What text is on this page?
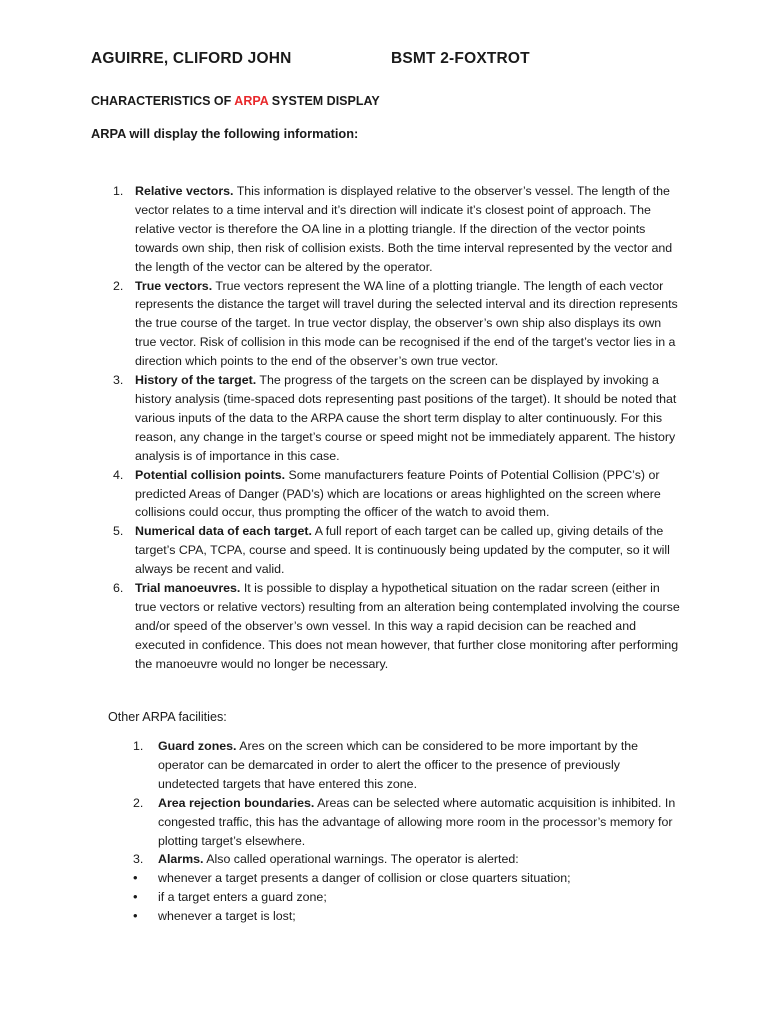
AGUIRRE, CLIFORD JOHN	BSMT 2-FOXTROT
CHARACTERISTICS OF ARPA SYSTEM DISPLAY
ARPA will display the following information:
1. Relative vectors. This information is displayed relative to the observer’s vessel. The length of the vector relates to a time interval and it’s direction will indicate it’s closest point of approach. The relative vector is therefore the OA line in a plotting triangle. If the direction of the vector points towards own ship, then risk of collision exists. Both the time interval represented by the vector and the length of the vector can be altered by the operator.
2. True vectors. True vectors represent the WA line of a plotting triangle. The length of each vector represents the distance the target will travel during the selected interval and its direction represents the true course of the target. In true vector display, the observer’s own ship also displays its own true vector. Risk of collision in this mode can be recognised if the end of the target’s vector lies in a direction which points to the end of the observer’s own true vector.
3. History of the target. The progress of the targets on the screen can be displayed by invoking a history analysis (time-spaced dots representing past positions of the target). It should be noted that various inputs of the data to the ARPA cause the short term display to alter continuously. For this reason, any change in the target’s course or speed might not be immediately apparent. The history analysis is of importance in this case.
4. Potential collision points. Some manufacturers feature Points of Potential Collision (PPC’s) or predicted Areas of Danger (PAD’s) which are locations or areas highlighted on the screen where collisions could occur, thus prompting the officer of the watch to avoid them.
5. Numerical data of each target. A full report of each target can be called up, giving details of the target’s CPA, TCPA, course and speed. It is continuously being updated by the computer, so it will always be recent and valid.
6. Trial manoeuvres. It is possible to display a hypothetical situation on the radar screen (either in true vectors or relative vectors) resulting from an alteration being contemplated involving the course and/or speed of the observer’s own vessel. In this way a rapid decision can be reached and executed in confidence. This does not mean however, that further close monitoring after performing the manoeuvre would no longer be necessary.
Other ARPA facilities:
1. Guard zones. Ares on the screen which can be considered to be more important by the operator can be demarcated in order to alert the officer to the presence of previously undetected targets that have entered this zone.
2. Area rejection boundaries. Areas can be selected where automatic acquisition is inhibited. In congested traffic, this has the advantage of allowing more room in the processor’s memory for plotting target’s elsewhere.
3. Alarms. Also called operational warnings. The operator is alerted:
• whenever a target presents a danger of collision or close quarters situation;
• if a target enters a guard zone;
• whenever a target is lost;
